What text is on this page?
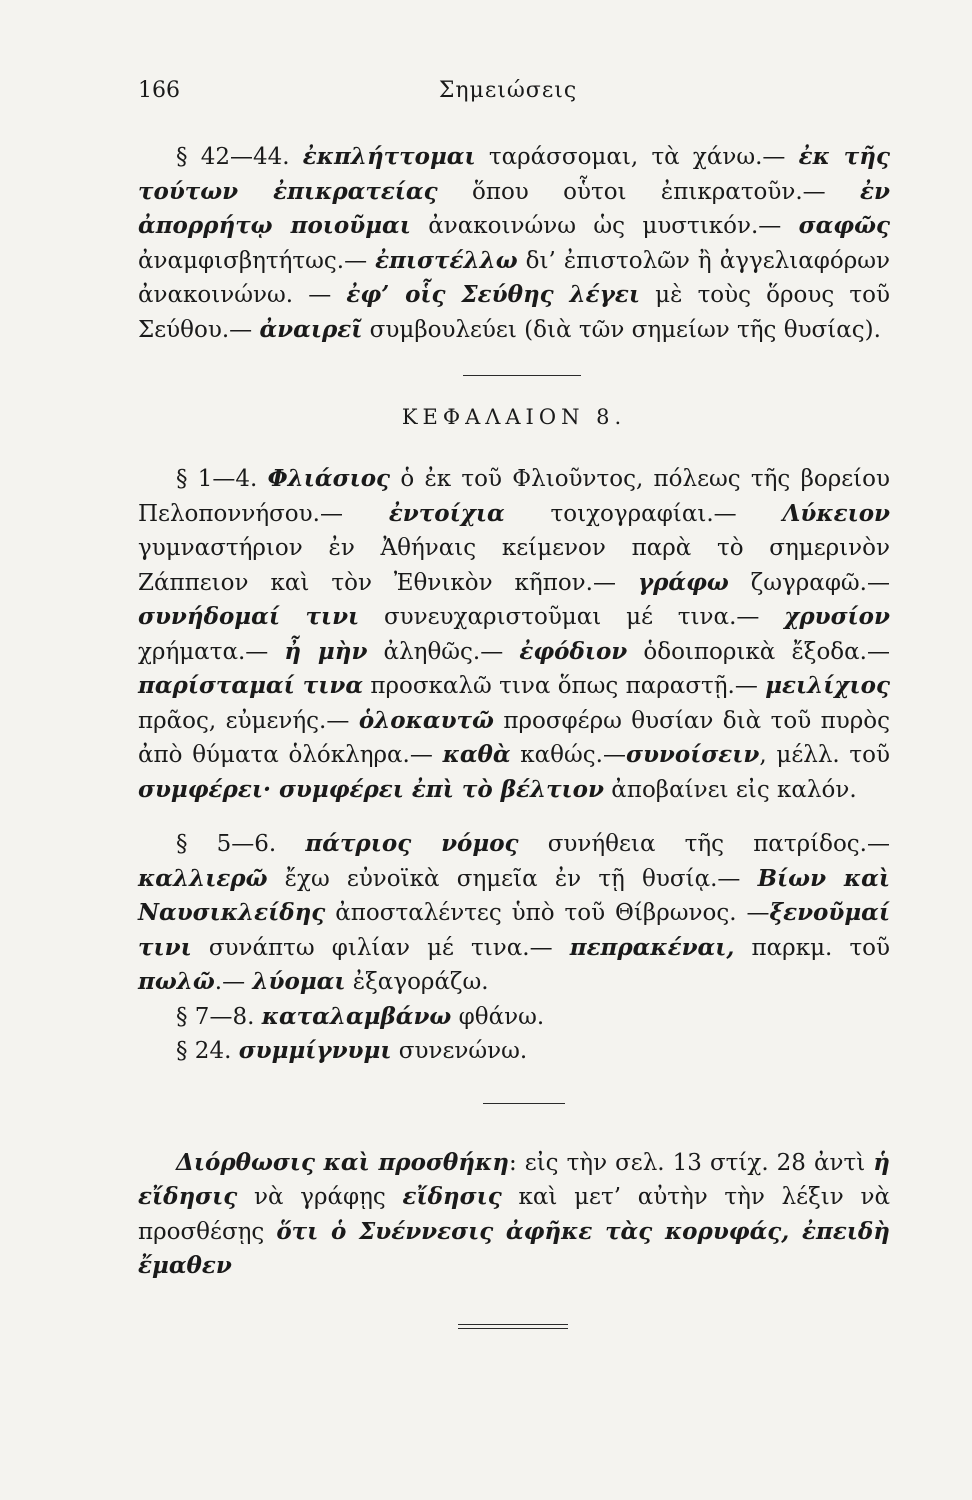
166	Σημειώσεις

§ 42—44. ἐκπλήττομαι ταράσσομαι, τὰ χάνω.— ἐκ τῆς τούτων ἐπικρατείας ὅπου οὗτοι ἐπικρατοῦν.— ἐν ἀπορρήτῳ ποιοῦμαι ἀνακοινώνω ὡς μυστικόν.— σαφῶς ἀναμφισβητήτως.— ἐπιστέλλω δι’ ἐπιστολῶν ἢ ἀγγελιαφόρων ἀνακοινώνω. — ἐφ’ οἷς Σεύθης λέγει μὲ τοὺς ὅρους τοῦ Σεύθου.— ἀναιρεῖ συμβουλεύει (διὰ τῶν σημείων τῆς θυσίας).

ΚΕΦΑΛΑΙΟΝ 8.

§ 1—4. Φλιάσιος ὁ ἐκ τοῦ Φλιοῦντος, πόλεως τῆς βορείου Πελοποννήσου.— ἐντοίχια τοιχογραφίαι.— Λύκειον γυμναστήριον ἐν Ἀθήναις κείμενον παρὰ τὸ σημερινὸν Ζάππειον καὶ τὸν Ἐθνικὸν κῆπον.— γράφω ζωγραφῶ.— συνήδομαί τινι συνευχαριστοῦμαι μέ τινα.— χρυσίον χρήματα.— ἦ μὴν ἀληθῶς.— ἐφόδιον ὁδοιπορικὰ ἔξοδα.— παρίσταμαί τινα προσκαλῶ τινα ὅπως παραστῇ.— μειλίχιος πρᾶος, εὐμενής.— ὁλοκαυτῶ προσφέρω θυσίαν διὰ τοῦ πυρὸς ἀπὸ θύματα ὁλόκληρα.— καθὰ καθώς.—συνοίσειν, μέλλ. τοῦ συμφέρει· συμφέρει ἐπὶ τὸ βέλτιον ἀποβαίνει εἰς καλόν.

§ 5—6. πάτριος νόμος συνήθεια τῆς πατρίδος.— καλλιερῶ ἔχω εὐνοϊκὰ σημεῖα ἐν τῇ θυσίᾳ.— Βίων καὶ Ναυσικλείδης ἀποσταλέντες ὑπὸ τοῦ Θίβρωνος. —ξενοῦμαί τινι συνάπτω φιλίαν μέ τινα.— πεπρακέναι, παρκμ. τοῦ πωλῶ.— λύομαι ἐξαγοράζω.

§ 7—8. καταλαμβάνω φθάνω.

§ 24. συμμίγνυμι συνενώνω.

Διόρθωσις καὶ προσθήκη: εἰς τὴν σελ. 13 στίχ. 28 ἀντὶ ἡ εἴδησις νὰ γράφῃς εἴδησις καὶ μετ’ αὐτὴν τὴν λέξιν νὰ προσθέσῃς ὅτι ὁ Συέννεσις ἀφῆκε τὰς κορυφάς, ἐπειδὴ ἔμαθεν
